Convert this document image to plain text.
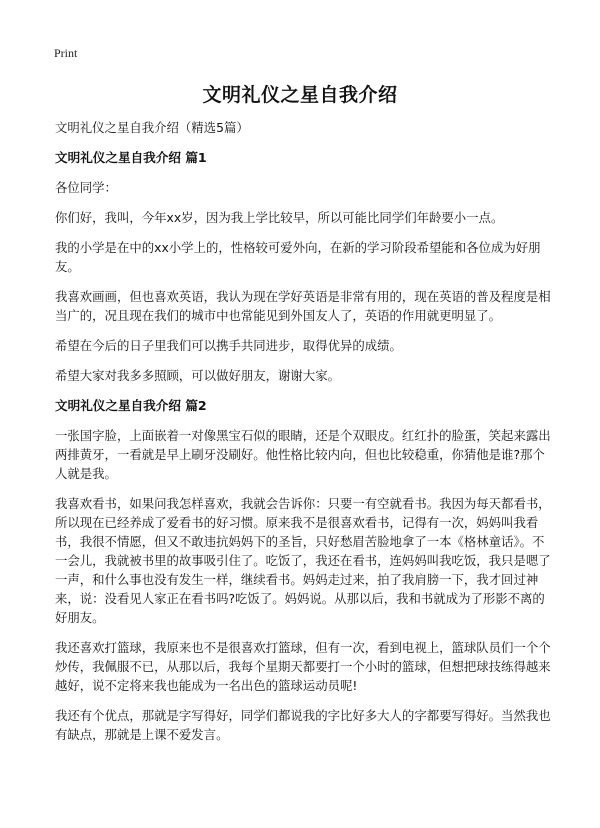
Print
文明礼仪之星自我介绍

文明礼仪之星自我介绍（精选5篇）

文明礼仪之星自我介绍 篇1

各位同学：

你们好，我叫，今年xx岁，因为我上学比较早，所以可能比同学们年龄要小一点。

我的小学是在中的xx小学上的，性格较可爱外向，在新的学习阶段希望能和各位成为好朋友。

我喜欢画画，但也喜欢英语，我认为现在学好英语是非常有用的，现在英语的普及程度是相当广的，况且现在我们的城市中也常能见到外国友人了，英语的作用就更明显了。

希望在今后的日子里我们可以携手共同进步，取得优异的成绩。

希望大家对我多多照顾，可以做好朋友，谢谢大家。

文明礼仪之星自我介绍 篇2

一张国字脸，上面嵌着一对像黑宝石似的眼睛，还是个双眼皮。红红扑的脸蛋，笑起来露出两排黄牙，一看就是早上刷牙没刷好。他性格比较内向，但也比较稳重，你猜他是谁?那个人就是我。

我喜欢看书，如果问我怎样喜欢，我就会告诉你：只要一有空就看书。我因为每天都看书，所以现在已经养成了爱看书的好习惯。原来我不是很喜欢看书，记得有一次，妈妈叫我看书，我很不情愿，但又不敢违抗妈妈下的圣旨，只好愁眉苦脸地拿了一本《格林童话》。不一会儿，我就被书里的故事吸引住了。吃饭了，我还在看书，连妈妈叫我吃饭，我只是嗯了一声，和什么事也没有发生一样，继续看书。妈妈走过来，拍了我肩膀一下，我才回过神来，说：没看见人家正在看书吗?吃饭了。妈妈说。从那以后，我和书就成为了形影不离的好朋友。

我还喜欢打篮球，我原来也不是很喜欢打篮球，但有一次，看到电视上，篮球队员们一个个炒传，我佩服不已，从那以后，我每个星期天都要打一个小时的篮球，但想把球技练得越来越好，说不定将来我也能成为一名出色的篮球运动员呢!

我还有个优点，那就是字写得好，同学们都说我的字比好多大人的字都要写得好。当然我也有缺点，那就是上课不爱发言。
